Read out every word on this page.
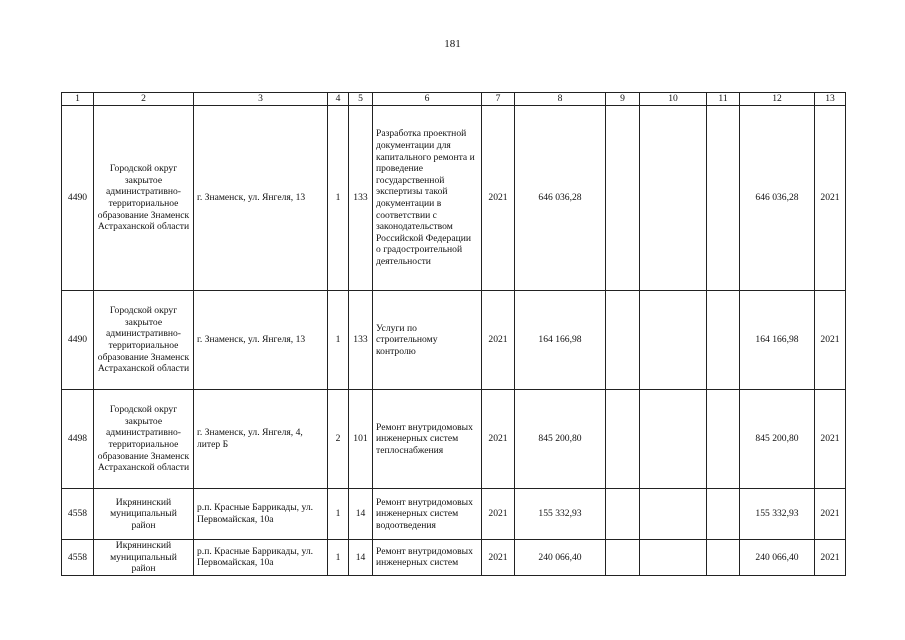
181
1	2	3	4	5	6	7	8	9	10	11	12	13
4490	Городской округ закрытое административно-территориальное образование Знаменск Астраханской области	г. Знаменск, ул. Янгеля, 13	1	133	Разработка проектной документации для капитального ремонта и проведение государственной экспертизы такой документации в соответствии с законодательством Российской Федерации о градостроительной деятельности	2021	646 036,28				646 036,28	2021
4490	Городской округ закрытое административно-территориальное образование Знаменск Астраханской области	г. Знаменск, ул. Янгеля, 13	1	133	Услуги по строительному контролю	2021	164 166,98				164 166,98	2021
4498	Городской округ закрытое административно-территориальное образование Знаменск Астраханской области	г. Знаменск, ул. Янгеля, 4, литер Б	2	101	Ремонт внутридомовых инженерных систем теплоснабжения	2021	845 200,80				845 200,80	2021
4558	Икрянинский муниципальный район	р.п. Красные Баррикады, ул. Первомайская, 10а	1	14	Ремонт внутридомовых инженерных систем водоотведения	2021	155 332,93				155 332,93	2021
4558	Икрянинский муниципальный район	р.п. Красные Баррикады, ул. Первомайская, 10а	1	14	Ремонт внутридомовых инженерных систем	2021	240 066,40				240 066,40	2021
